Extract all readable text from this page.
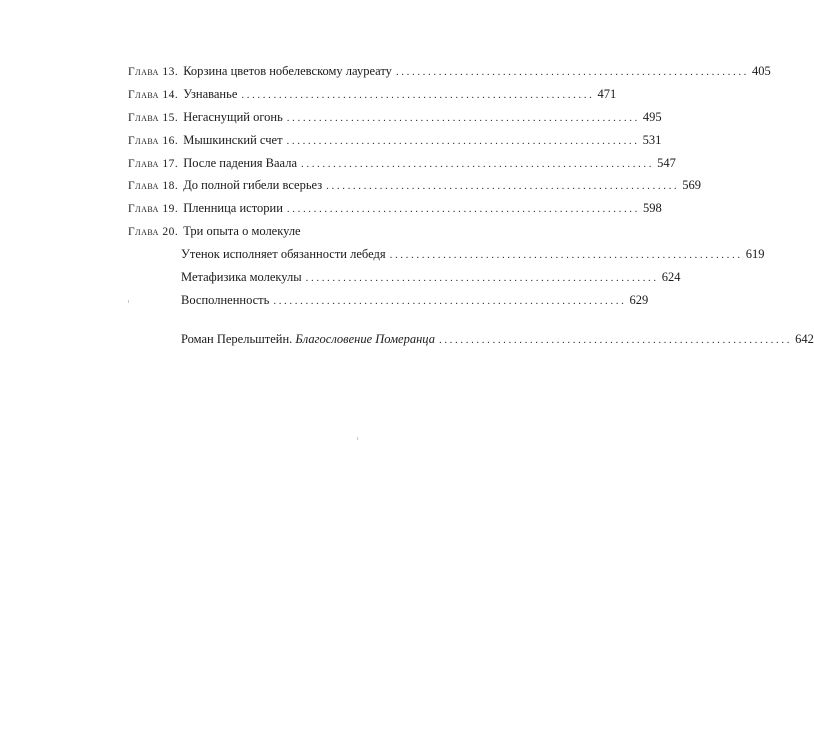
Глава 13. Корзина цветов нобелевскому лауреату .................................................................. 405
Глава 14. Узнаванье .................................................................. 471
Глава 15. Негаснущий огонь .................................................................. 495
Глава 16. Мышкинский счет .................................................................. 531
Глава 17. После падения Ваала .................................................................. 547
Глава 18. До полной гибели всерьез .................................................................. 569
Глава 19. Пленница истории .................................................................. 598
Глава 20. Три опыта о молекуле
Утенок исполняет обязанности лебедя .................................................................. 619
Метафизика молекулы .................................................................. 624
Восполненность .................................................................. 629
Роман Перельштейн.
Благословение Померанца .................................................................. 642
